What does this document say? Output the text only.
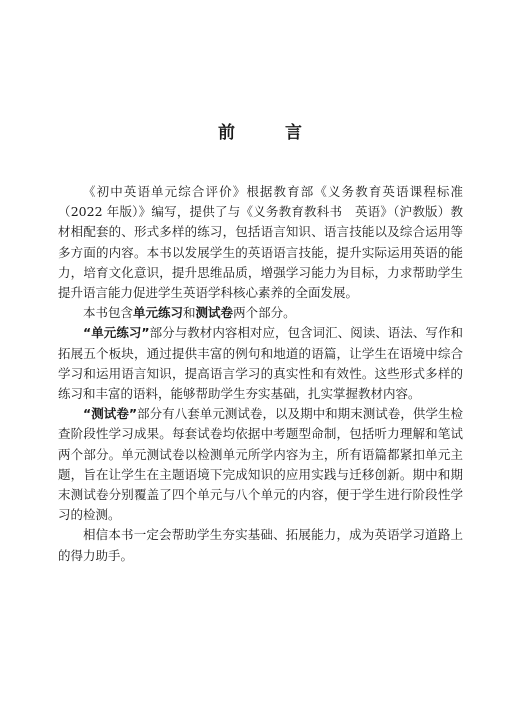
前 言

《初中英语单元综合评价》根据教育部《义务教育英语课程标准（2022 年版）》编写，提供了与《义务教育教科书　英语》（沪教版）教材相配套的、形式多样的练习，包括语言知识、语言技能以及综合运用等多方面的内容。本书以发展学生的英语语言技能，提升实际运用英语的能力，培育文化意识，提升思维品质，增强学习能力为目标，力求帮助学生提升语言能力促进学生英语学科核心素养的全面发展。

本书包含单元练习和测试卷两个部分。

“单元练习”部分与教材内容相对应，包含词汇、阅读、语法、写作和拓展五个板块，通过提供丰富的例句和地道的语篇，让学生在语境中综合学习和运用语言知识，提高语言学习的真实性和有效性。这些形式多样的练习和丰富的语料，能够帮助学生夯实基础，扎实掌握教材内容。

“测试卷”部分有八套单元测试卷，以及期中和期末测试卷，供学生检查阶段性学习成果。每套试卷均依据中考题型命制，包括听力理解和笔试两个部分。单元测试卷以检测单元所学内容为主，所有语篇都紧扣单元主题，旨在让学生在主题语境下完成知识的应用实践与迁移创新。期中和期末测试卷分别覆盖了四个单元与八个单元的内容，便于学生进行阶段性学习的检测。

相信本书一定会帮助学生夯实基础、拓展能力，成为英语学习道路上的得力助手。
